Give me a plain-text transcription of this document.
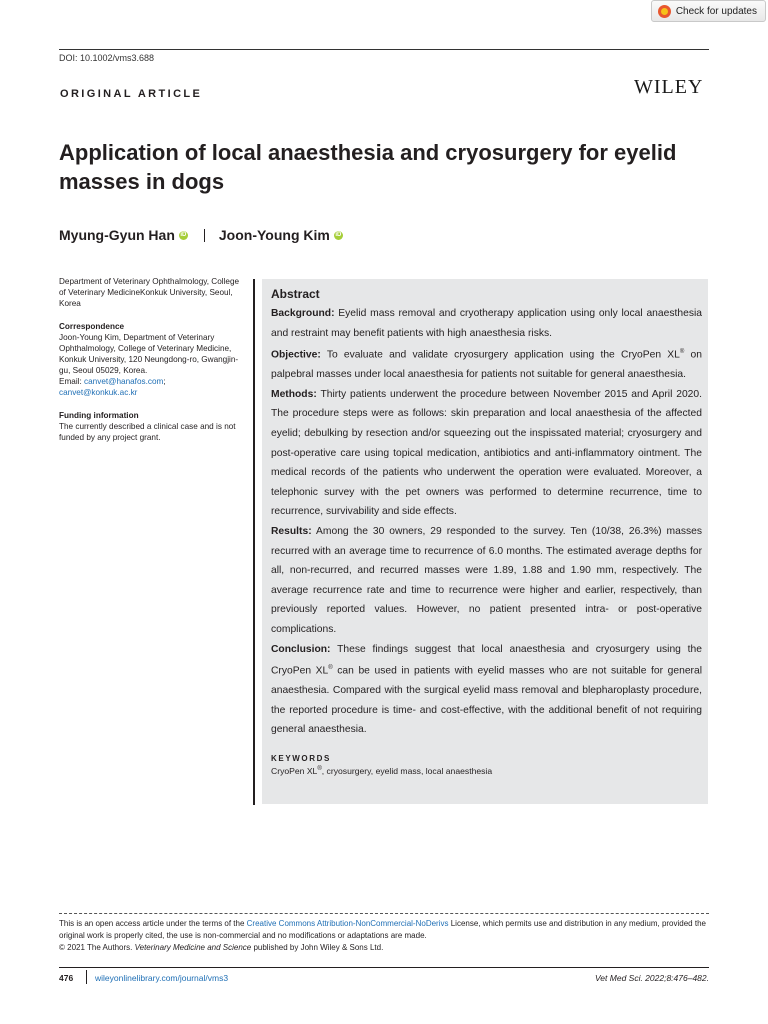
Check for updates
DOI: 10.1002/vms3.688
ORIGINAL ARTICLE	WILEY
Application of local anaesthesia and cryosurgery for eyelid masses in dogs
Myung-Gyun Han iD Joon-Young Kim iD

Department of Veterinary Ophthalmology, College of Veterinary MedicineKonkuk University, Seoul, Korea

Correspondence

Joon-Young Kim, Department of Veterinary Ophthalmology, College of Veterinary Medicine, Konkuk University, 120 Neungdong-ro, Gwangjin-gu, Seoul 05029, Korea.
Email: canvet@hanafos.com; canvet@konkuk.ac.kr

Funding information

The currently described a clinical case and is not funded by any project grant.

Abstract

Background: Eyelid mass removal and cryotherapy application using only local anaesthesia and restraint may benefit patients with high anaesthesia risks.

Objective: To evaluate and validate cryosurgery application using the CryoPen XL® on palpebral masses under local anaesthesia for patients not suitable for general anaesthesia.

Methods: Thirty patients underwent the procedure between November 2015 and April 2020. The procedure steps were as follows: skin preparation and local anaesthesia of the affected eyelid; debulking by resection and/or squeezing out the inspissated material; cryosurgery and post-operative care using topical medication, antibiotics and anti-inflammatory ointment. The medical records of the patients who underwent the operation were evaluated. Moreover, a telephonic survey with the pet owners was performed to determine recurrence, time to recurrence, survivability and side effects.

Results: Among the 30 owners, 29 responded to the survey. Ten (10/38, 26.3%) masses recurred with an average time to recurrence of 6.0 months. The estimated average depths for all, non-recurred, and recurred masses were 1.89, 1.88 and 1.90 mm, respectively. The average recurrence rate and time to recurrence were higher and earlier, respectively, than previously reported values. However, no patient presented intra- or post-operative complications.

Conclusion: These findings suggest that local anaesthesia and cryosurgery using the CryoPen XL® can be used in patients with eyelid masses who are not suitable for general anaesthesia. Compared with the surgical eyelid mass removal and blepharoplasty procedure, the reported procedure is time- and cost-effective, with the additional benefit of not requiring general anaesthesia.

KEYWORDS
CryoPen XL®, cryosurgery, eyelid mass, local anaesthesia
This is an open access article under the terms of the Creative Commons Attribution-NonCommercial-NoDerivs License, which permits use and distribution in any medium, provided the original work is properly cited, the use is non-commercial and no modifications or adaptations are made.
© 2021 The Authors. Veterinary Medicine and Science published by John Wiley & Sons Ltd.
476	wileyonlinelibrary.com/journal/vms3	Vet Med Sci. 2022;8:476–482.
